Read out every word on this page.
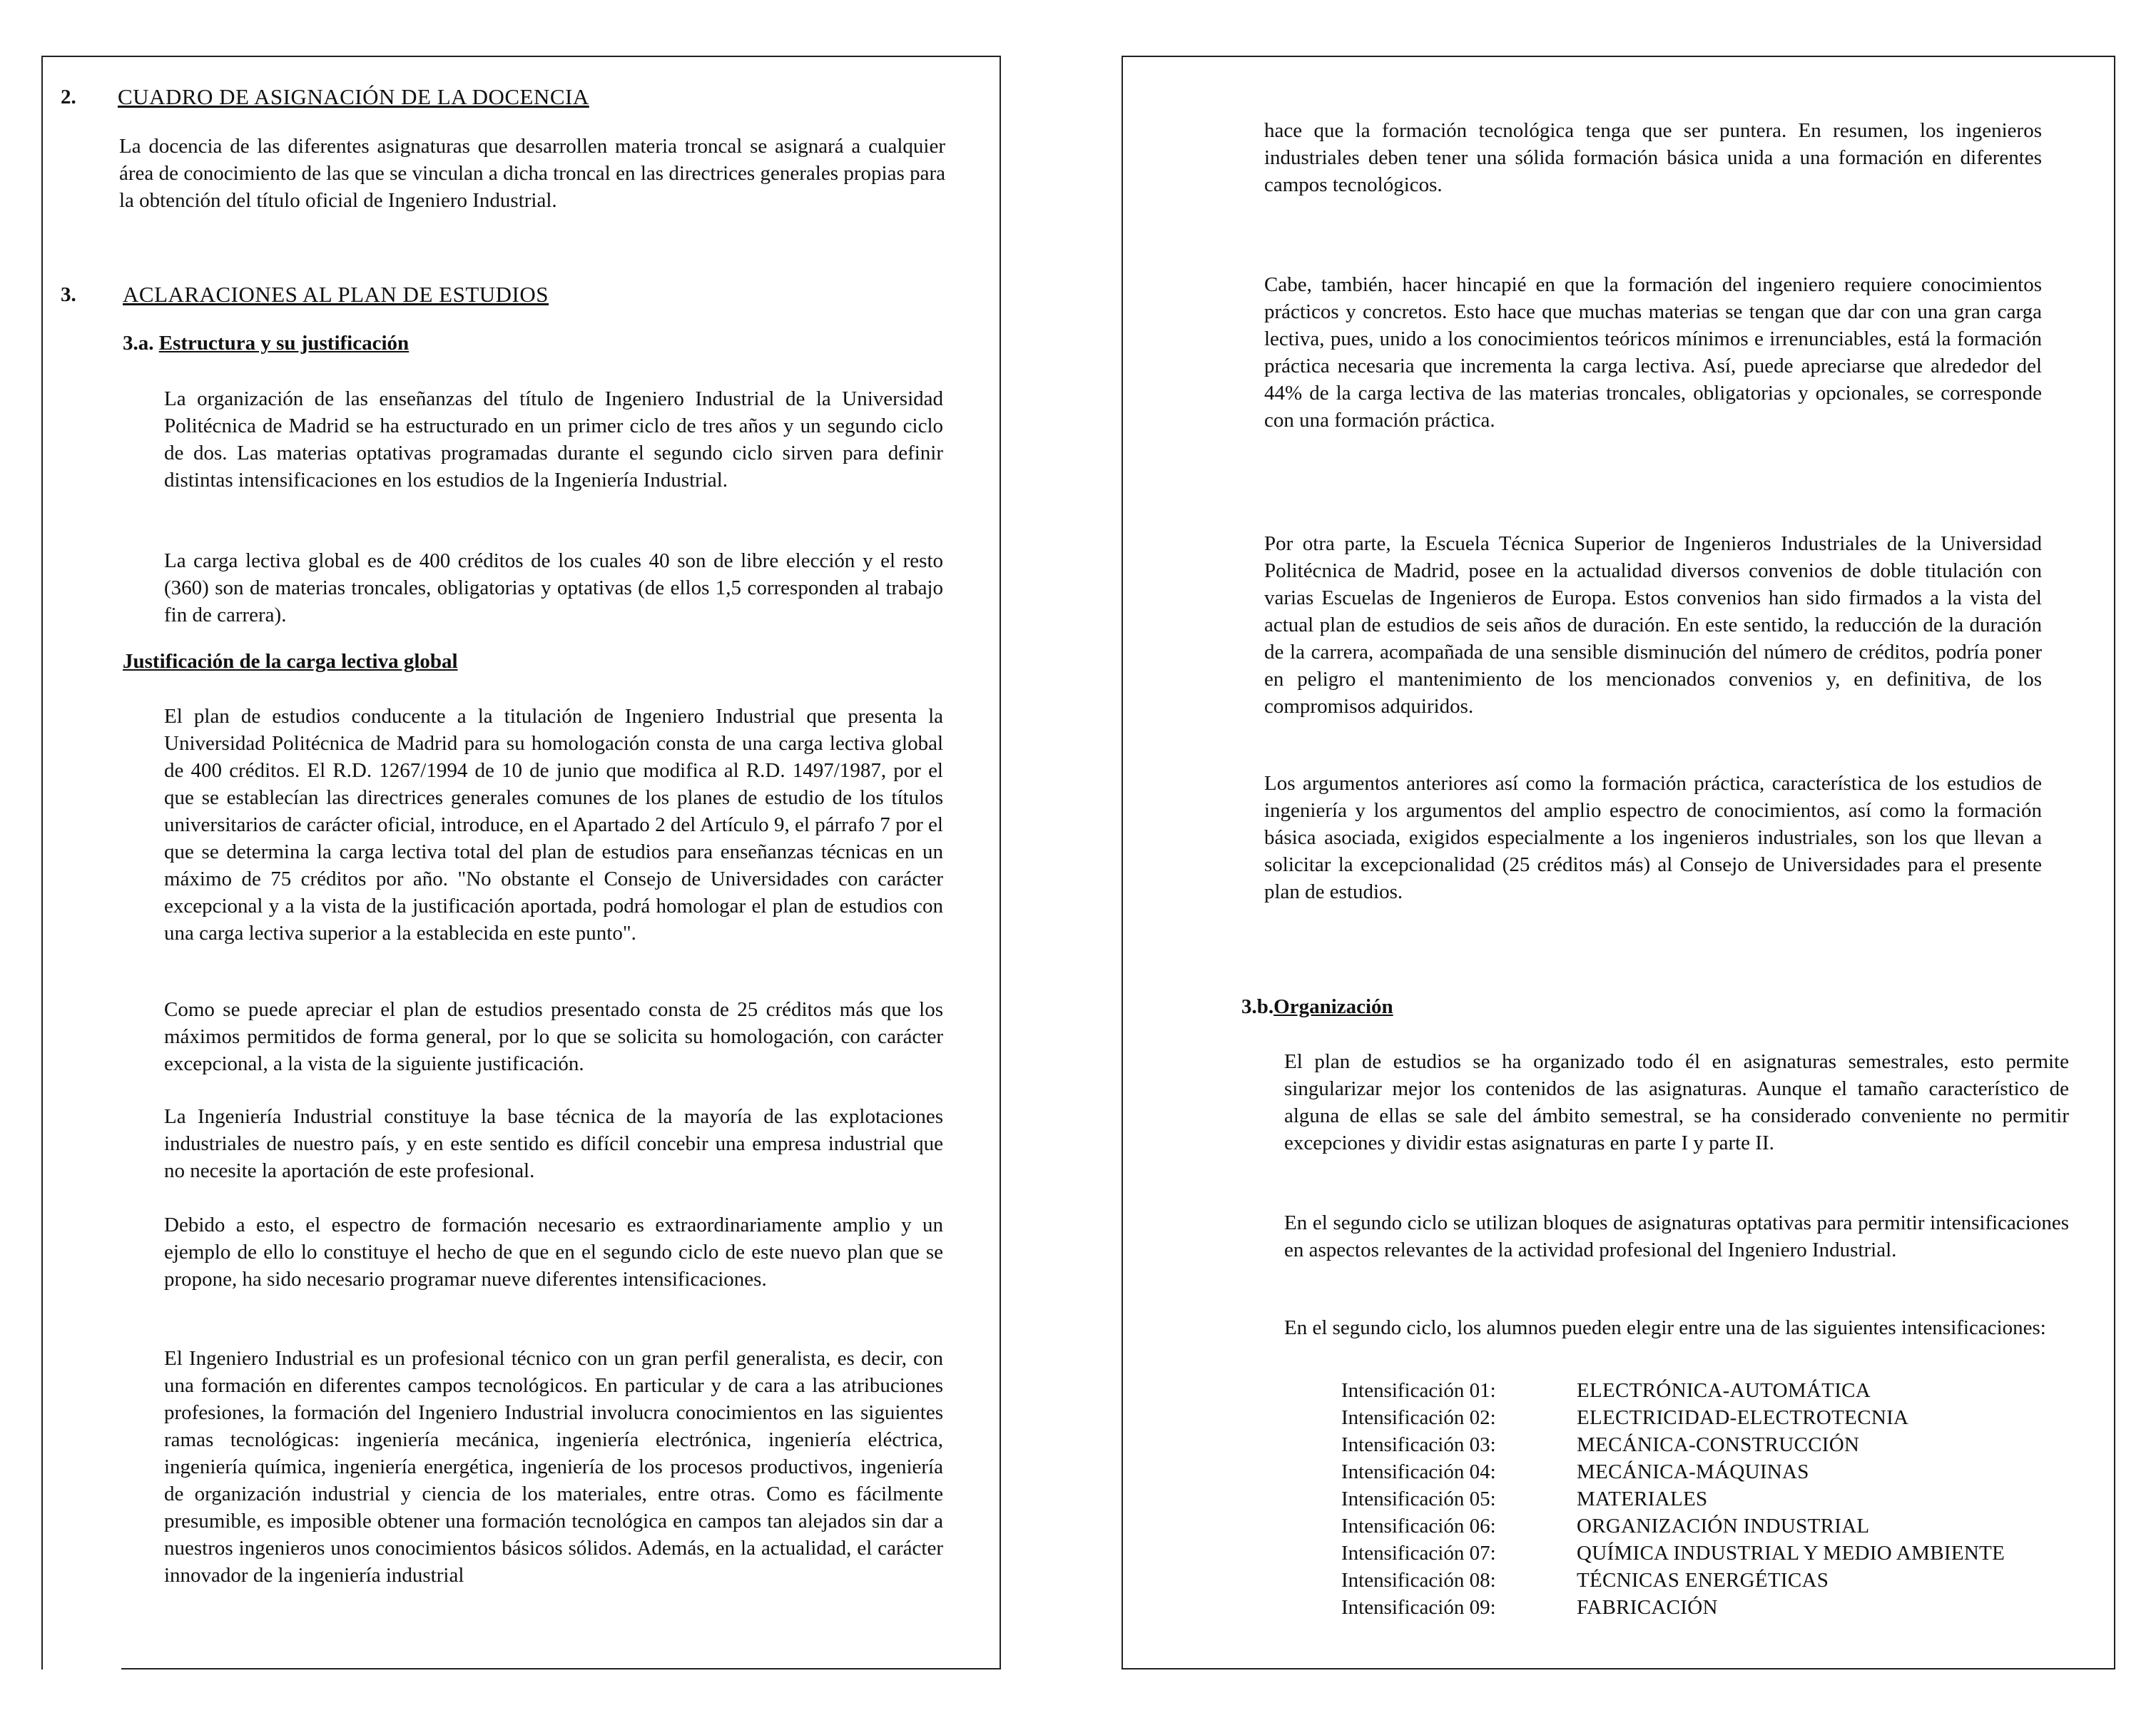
2. CUADRO DE ASIGNACIÓN DE LA DOCENCIA

La docencia de las diferentes asignaturas que desarrollen materia troncal se asignará a cualquier área de conocimiento de las que se vinculan a dicha troncal en las directrices generales propias para la obtención del título oficial de Ingeniero Industrial.

3. ACLARACIONES AL PLAN DE ESTUDIOS
3.a. Estructura y su justificación

La organización de las enseñanzas del título de Ingeniero Industrial de la Universidad Politécnica de Madrid se ha estructurado en un primer ciclo de tres años y un segundo ciclo de dos. Las materias optativas programadas durante el segundo ciclo sirven para definir distintas intensificaciones en los estudios de la Ingeniería Industrial.

La carga lectiva global es de 400 créditos de los cuales 40 son de libre elección y el resto (360) son de materias troncales, obligatorias y optativas (de ellos 1,5 corresponden al trabajo fin de carrera).

Justificación de la carga lectiva global

El plan de estudios conducente a la titulación de Ingeniero Industrial que presenta la Universidad Politécnica de Madrid para su homologación consta de una carga lectiva global de 400 créditos. El R.D. 1267/1994 de 10 de junio que modifica al R.D. 1497/1987, por el que se establecían las directrices generales comunes de los planes de estudio de los títulos universitarios de carácter oficial, introduce, en el Apartado 2 del Artículo 9, el párrafo 7 por el que se determina la carga lectiva total del plan de estudios para enseñanzas técnicas en un máximo de 75 créditos por año. "No obstante el Consejo de Universidades con carácter excepcional y a la vista de la justificación aportada, podrá homologar el plan de estudios con una carga lectiva superior a la establecida en este punto".

Como se puede apreciar el plan de estudios presentado consta de 25 créditos más que los máximos permitidos de forma general, por lo que se solicita su homologación, con carácter excepcional, a la vista de la siguiente justificación.

La Ingeniería Industrial constituye la base técnica de la mayoría de las explotaciones industriales de nuestro país, y en este sentido es difícil concebir una empresa industrial que no necesite la aportación de este profesional.

Debido a esto, el espectro de formación necesario es extraordinariamente amplio y un ejemplo de ello lo constituye el hecho de que en el segundo ciclo de este nuevo plan que se propone, ha sido necesario programar nueve diferentes intensificaciones.

El Ingeniero Industrial es un profesional técnico con un gran perfil generalista, es decir, con una formación en diferentes campos tecnológicos. En particular y de cara a las atribuciones profesiones, la formación del Ingeniero Industrial involucra conocimientos en las siguientes ramas tecnológicas: ingeniería mecánica, ingeniería electrónica, ingeniería eléctrica, ingeniería química, ingeniería energética, ingeniería de los procesos productivos, ingeniería de organización industrial y ciencia de los materiales, entre otras. Como es fácilmente presumible, es imposible obtener una formación tecnológica en campos tan alejados sin dar a nuestros ingenieros unos conocimientos básicos sólidos. Además, en la actualidad, el carácter innovador de la ingeniería industrial

hace que la formación tecnológica tenga que ser puntera. En resumen, los ingenieros industriales deben tener una sólida formación básica unida a una formación en diferentes campos tecnológicos.

Cabe, también, hacer hincapié en que la formación del ingeniero requiere conocimientos prácticos y concretos. Esto hace que muchas materias se tengan que dar con una gran carga lectiva, pues, unido a los conocimientos teóricos mínimos e irrenunciables, está la formación práctica necesaria que incrementa la carga lectiva. Así, puede apreciarse que alrededor del 44% de la carga lectiva de las materias troncales, obligatorias y opcionales, se corresponde con una formación práctica.

Por otra parte, la Escuela Técnica Superior de Ingenieros Industriales de la Universidad Politécnica de Madrid, posee en la actualidad diversos convenios de doble titulación con varias Escuelas de Ingenieros de Europa. Estos convenios han sido firmados a la vista del actual plan de estudios de seis años de duración. En este sentido, la reducción de la duración de la carrera, acompañada de una sensible disminución del número de créditos, podría poner en peligro el mantenimiento de los mencionados convenios y, en definitiva, de los compromisos adquiridos.

Los argumentos anteriores así como la formación práctica, característica de los estudios de ingeniería y los argumentos del amplio espectro de conocimientos, así como la formación básica asociada, exigidos especialmente a los ingenieros industriales, son los que llevan a solicitar la excepcionalidad (25 créditos más) al Consejo de Universidades para el presente plan de estudios.

3.b.Organización

El plan de estudios se ha organizado todo él en asignaturas semestrales, esto permite singularizar mejor los contenidos de las asignaturas. Aunque el tamaño característico de alguna de ellas se sale del ámbito semestral, se ha considerado conveniente no permitir excepciones y dividir estas asignaturas en parte I y parte II.

En el segundo ciclo se utilizan bloques de asignaturas optativas para permitir intensificaciones en aspectos relevantes de la actividad profesional del Ingeniero Industrial.

En el segundo ciclo, los alumnos pueden elegir entre una de las siguientes intensificaciones:

Intensificación 01:	ELECTRÓNICA-AUTOMÁTICA
Intensificación 02:	ELECTRICIDAD-ELECTROTECNIA
Intensificación 03:	MECÁNICA-CONSTRUCCIÓN
Intensificación 04:	MECÁNICA-MÁQUINAS
Intensificación 05:	MATERIALES
Intensificación 06:	ORGANIZACIÓN INDUSTRIAL
Intensificación 07:	QUÍMICA INDUSTRIAL Y MEDIO AMBIENTE
Intensificación 08:	TÉCNICAS ENERGÉTICAS
Intensificación 09:	FABRICACIÓN
